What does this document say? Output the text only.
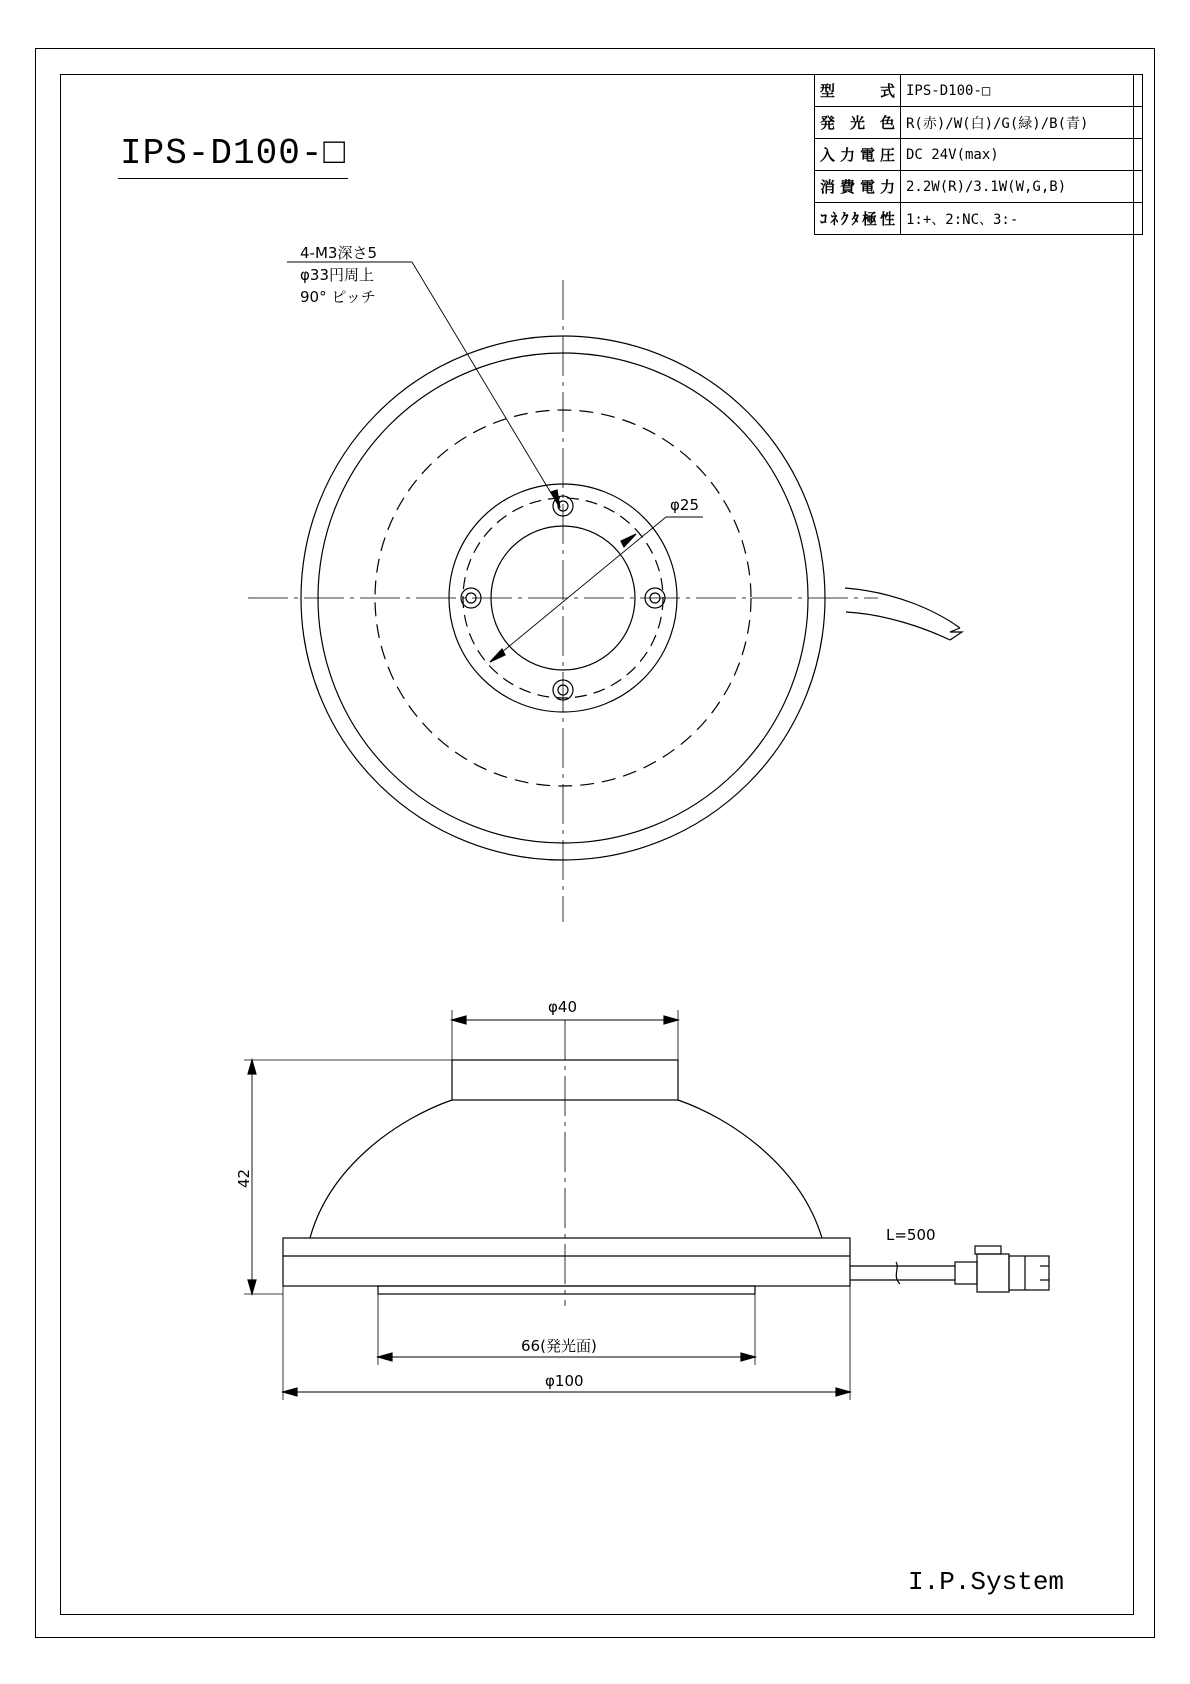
IPS-D100-□
型　　式	IPS-D100-□
発光色	R(赤)/W(白)/G(緑)/B(青)
入力電圧	DC 24V(max)
消費電力	2.2W(R)/3.1W(W,G,B)
ｺﾈｸﾀ極性	1:+、2:NC、3:-
φ25
φ40
42
66(発光面)
φ100
L=500
4-M3深さ5
φ33円周上
90° ピッチ
I.P.System
